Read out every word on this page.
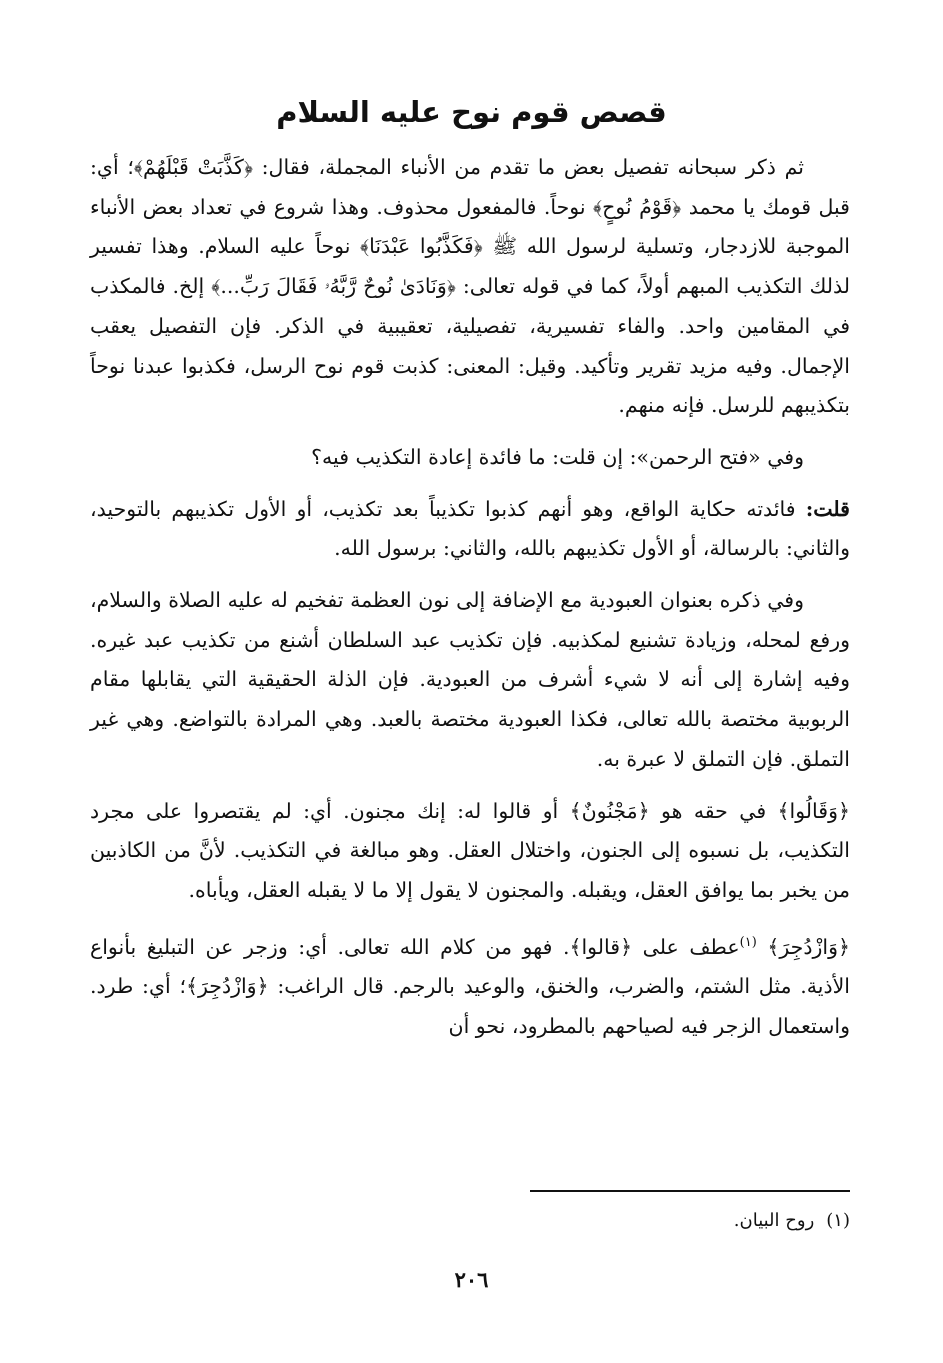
قصص قوم نوح عليه السلام

ثم ذكر سبحانه تفصيل بعض ما تقدم من الأنباء المجملة، فقال: ﴿كَذَّبَتْ قَبْلَهُمْ﴾؛ أي: قبل قومك يا محمد ﴿قَوْمُ نُوحٍ﴾ نوحاً. فالمفعول محذوف. وهذا شروع في تعداد بعض الأنباء الموجبة للازدجار، وتسلية لرسول الله ﷺ ﴿فَكَذَّبُوا عَبْدَنَا﴾ نوحاً عليه السلام. وهذا تفسير لذلك التكذيب المبهم أولاً، كما في قوله تعالى: ﴿وَنَادَىٰ نُوحٌ رَّبَّهُۥ فَقَالَ رَبِّ...﴾ إلخ. فالمكذب في المقامين واحد. والفاء تفسيرية، تفصيلية، تعقيبية في الذكر. فإن التفصيل يعقب الإجمال. وفيه مزيد تقرير وتأكيد. وقيل: المعنى: كذبت قوم نوح الرسل، فكذبوا عبدنا نوحاً بتكذيبهم للرسل. فإنه منهم.

وفي «فتح الرحمن»: إن قلت: ما فائدة إعادة التكذيب فيه؟

قلت: فائدته حكاية الواقع، وهو أنهم كذبوا تكذيباً بعد تكذيب، أو الأول تكذيبهم بالتوحيد، والثاني: بالرسالة، أو الأول تكذيبهم بالله، والثاني: برسول الله.

وفي ذكره بعنوان العبودية مع الإضافة إلى نون العظمة تفخيم له عليه الصلاة والسلام، ورفع لمحله، وزيادة تشنيع لمكذبيه. فإن تكذيب عبد السلطان أشنع من تكذيب عبد غيره. وفيه إشارة إلى أنه لا شيء أشرف من العبودية. فإن الذلة الحقيقية التي يقابلها مقام الربوبية مختصة بالله تعالى، فكذا العبودية مختصة بالعبد. وهي المرادة بالتواضع. وهي غير التملق. فإن التملق لا عبرة به.

﴿وَقَالُوا﴾ في حقه هو ﴿مَجْنُونٌ﴾ أو قالوا له: إنك مجنون. أي: لم يقتصروا على مجرد التكذيب، بل نسبوه إلى الجنون، واختلال العقل. وهو مبالغة في التكذيب. لأنَّ من الكاذبين من يخبر بما يوافق العقل، ويقبله. والمجنون لا يقول إلا ما لا يقبله العقل، ويأباه.

﴿وَازْدُجِرَ﴾ $^{(١)}$عطف على ﴿قالوا﴾. فهو من كلام الله تعالى. أي: وزجر عن التبليغ بأنواع الأذية. مثل الشتم، والضرب، والخنق، والوعيد بالرجم. قال الراغب: ﴿وَازْدُجِرَ﴾؛ أي: طرد. واستعمال الزجر فيه لصياحهم بالمطرود، نحو أن

(١)روح البيان.
٢٠٦
